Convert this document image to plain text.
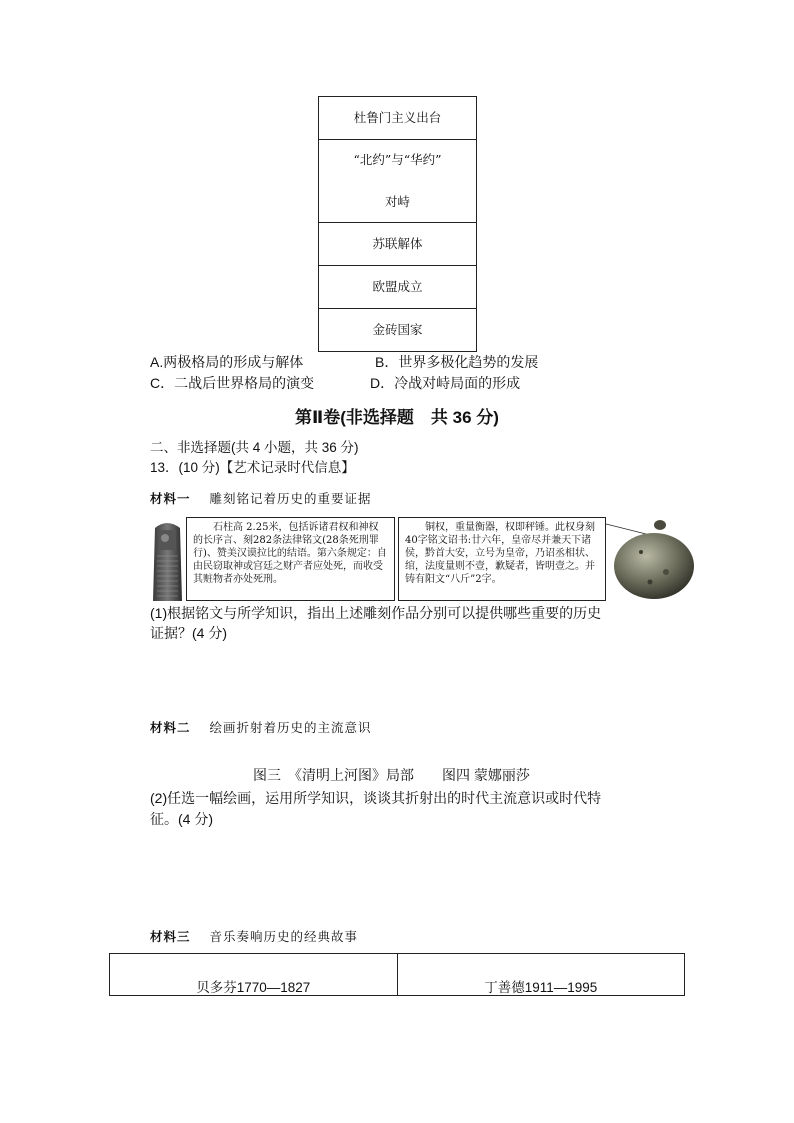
杜鲁门主义出台
“北约”与“华约”
对峙
苏联解体
欧盟成立
金砖国家
A.两极格局的形成与解体	B．世界多极化趋势的发展
C．二战后世界格局的演变	D．冷战对峙局面的形成
第Ⅱ卷(非选择题　共 36 分)
二、非选择题(共 4 小题，共 36 分)
13．(10 分)【艺术记录时代信息】
材料一 雕刻铭记着历史的重要证据
石柱高 2.25米，包括诉诸君权和神权的长序言、刻282条法律铭文(28条死刑罪行)、赞美汉谟拉比的结语。第六条规定：自由民窃取神或宫廷之财产者应处死，而收受其赃物者亦处死刑。
铜权，重量衡器，权即秤锤。此权身刻40字铭文诏书:廿六年，皇帝尽并兼天下诸侯，黔首大安，立号为皇帝，乃诏丞相状、绾，法度量则不壹，歉疑者，皆明壹之。并铸有阳文“八斤”2字。
(1)根据铭文与所学知识，指出上述雕刻作品分别可以提供哪些重要的历史
证据？(4 分)
材料二 绘画折射着历史的主流意识
图三　《清明上河图》局部　　图四 蒙娜丽莎
(2)任选一幅绘画，运用所学知识，谈谈其折射出的时代主流意识或时代特
征。(4 分)
材料三 音乐奏响历史的经典故事
贝多芬1770—1827	丁善德1911—1995
